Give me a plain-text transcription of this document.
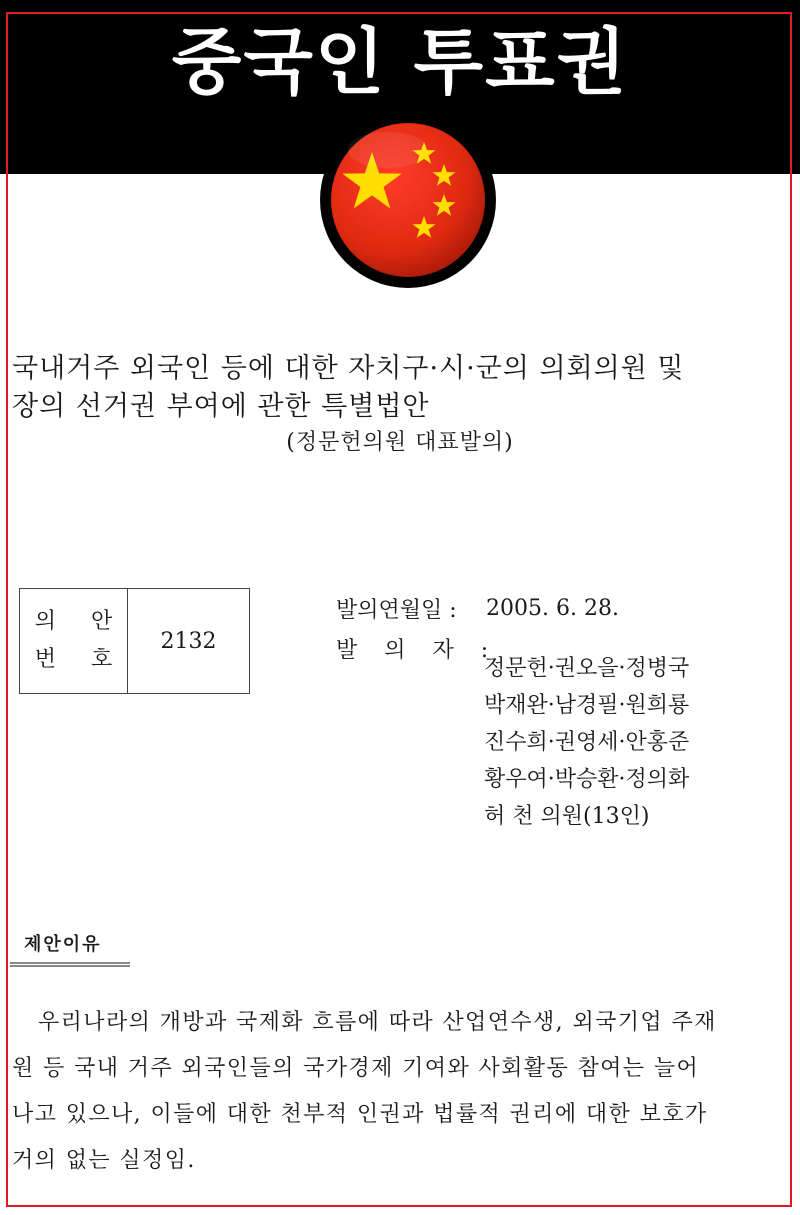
중국인 투표권
국내거주 외국인 등에 대한 자치구·시·군의 의회의원 및
장의 선거권 부여에 관한 특별법안
(정문헌의원 대표발의)
의 안
번 호
2132
발의연월일 :	2005. 6. 28.
발 의 자 :
정문헌·권오을·정병국
박재완·남경필·원희룡
진수희·권영세·안홍준
황우여·박승환·정의화
허 천 의원(13인)
제안이유
우리나라의 개방과 국제화 흐름에 따라 산업연수생, 외국기업 주재
원 등 국내 거주 외국인들의 국가경제 기여와 사회활동 참여는 늘어
나고 있으나, 이들에 대한 천부적 인권과 법률적 권리에 대한 보호가
거의 없는 실정임.
